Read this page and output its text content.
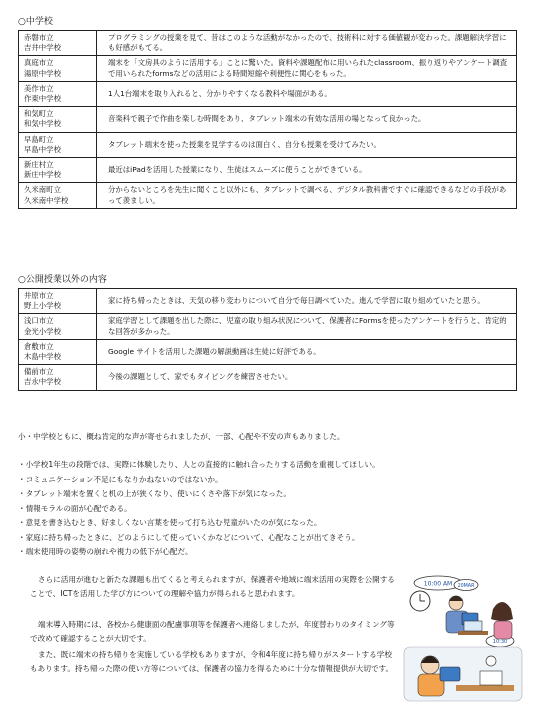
○中学校
赤磐市立
吉井中学校	プログラミングの授業を見て、昔はこのような活動がなかったので、技術科に対する価値観が変わった。課題解決学習にも好感がもてる。

真庭市立
湯原中学校	端末を「文房具のように活用する」ことに驚いた。資料や課題配布に用いられたclassroom、振り返りやアンケート調査で用いられたformsなどの活用による時間短縮や利便性に関心をもった。

美作市立
作東中学校	1人1台端末を取り入れると、分かりやすくなる教科や場面がある。

和気町立
和気中学校	音楽科で親子で作曲を楽しむ時間をあり、タブレット端末の有効な活用の場となって良かった。

早島町立
早島中学校	タブレット端末を使った授業を見学するのは面白く、自分も授業を受けてみたい。

新庄村立
新庄中学校	最近はiPadを活用した授業になり、生徒はスムーズに使うことができている。

久米南町立
久米南中学校	分からないところを先生に聞くこと以外にも、タブレットで調べる、デジタル教科書ですぐに確認できるなどの手段があって羨ましい。
○公開授業以外の内容
井原市立
野上小学校	家に持ち帰ったときは、天気の移り変わりについて自分で毎日調べていた。進んで学習に取り組めていたと思う。

浅口市立
金光小学校	家庭学習として課題を出した際に、児童の取り組み状況について、保護者にFormsを使ったアンケートを行うと、肯定的な回答が多かった。

倉敷市立
木島中学校	Google サイトを活用した課題の解説動画は生徒に好評である。

備前市立
吉永中学校	今後の課題として、家でもタイピングを練習させたい。
小・中学校ともに、概ね肯定的な声が寄せられましたが、一部、心配や不安の声もありました。
・小学校1年生の段階では、実際に体験したり、人との直接的に触れ合ったりする活動を重視してほしい。
・コミュニケーション不足にもなりかねないのではないか。
・タブレット端末を置くと机の上が狭くなり、使いにくさや落下が気になった。
・情報モラルの面が心配である。
・意見を書き込むとき、好ましくない言葉を使って打ち込む児童がいたのが気になった。
・家庭に持ち帰ったときに、どのようにして使っていくかなどについて、心配なことが出てきそう。
・端末使用時の姿勢の崩れや視力の低下が心配だ。
さらに活用が進むと新たな課題も出てくると考えられますが、保護者や地域に端末活用の実際を公開することで、ICTを活用した学び方についての理解や協力が得られると思われます。
端末導入時期には、各校から健康面の配慮事項等を保護者へ連絡しましたが、年度替わりのタイミング等で改めて確認することが大切です。
また、既に端末の持ち帰りを実施している学校もありますが、令和4年度に持ち帰りがスタートする学校もあります。持ち帰った際の使い方等については、保護者の協力を得るために十分な情報提供が大切です。
10:00 AM 20MAR
10:30
